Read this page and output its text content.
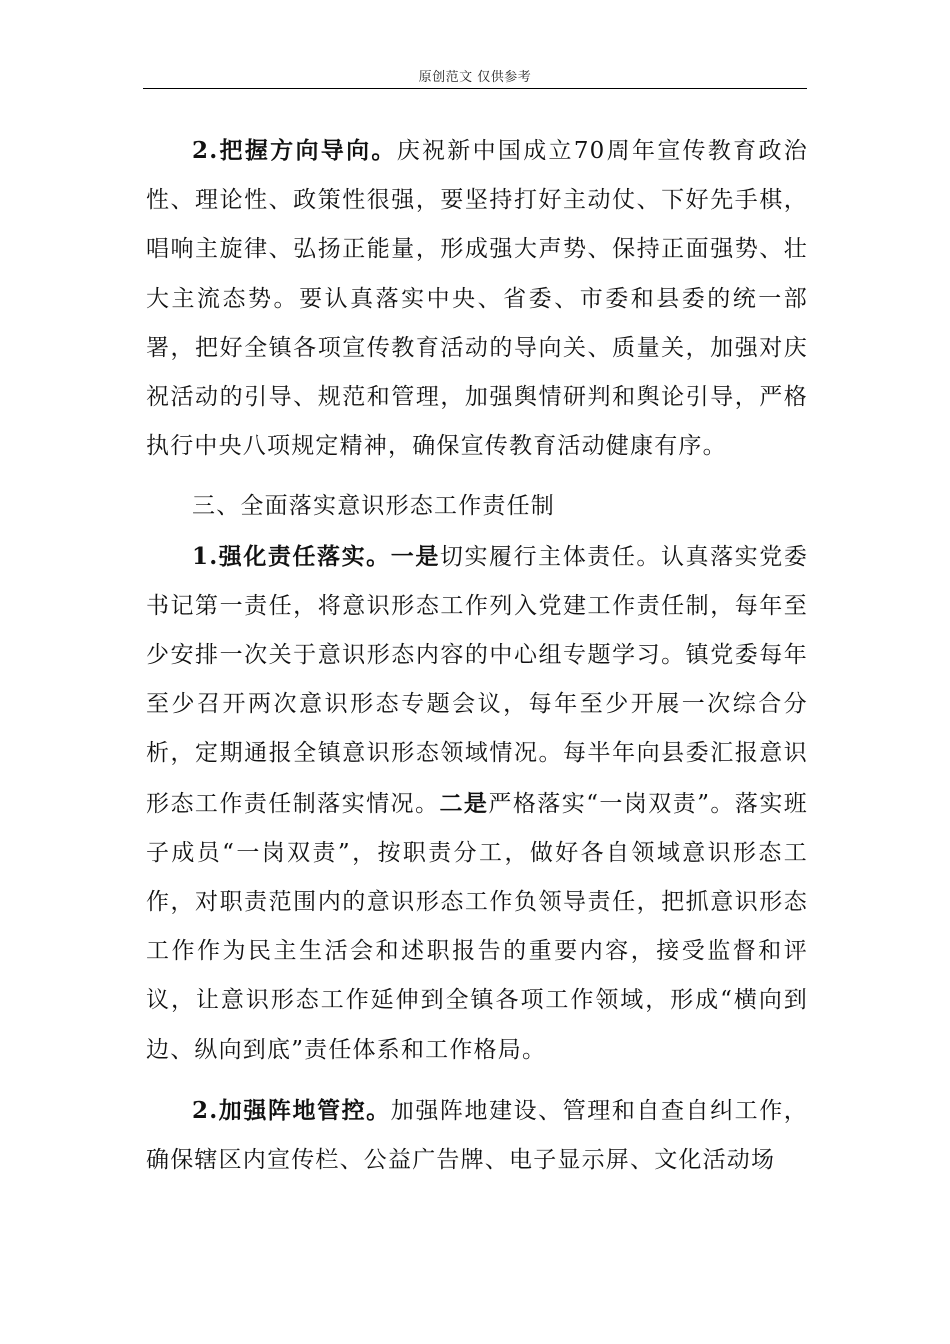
原创范文 仅供参考

2.把握方向导向。庆祝新中国成立70周年宣传教育政治性、理论性、政策性很强，要坚持打好主动仗、下好先手棋，唱响主旋律、弘扬正能量，形成强大声势、保持正面强势、壮大主流态势。要认真落实中央、省委、市委和县委的统一部署，把好全镇各项宣传教育活动的导向关、质量关，加强对庆祝活动的引导、规范和管理，加强舆情研判和舆论引导，严格执行中央八项规定精神，确保宣传教育活动健康有序。

三、全面落实意识形态工作责任制

1.强化责任落实。一是切实履行主体责任。认真落实党委书记第一责任，将意识形态工作列入党建工作责任制，每年至少安排一次关于意识形态内容的中心组专题学习。镇党委每年至少召开两次意识形态专题会议，每年至少开展一次综合分析，定期通报全镇意识形态领域情况。每半年向县委汇报意识形态工作责任制落实情况。二是严格落实“一岗双责”。落实班子成员“一岗双责”，按职责分工，做好各自领域意识形态工作，对职责范围内的意识形态工作负领导责任，把抓意识形态工作作为民主生活会和述职报告的重要内容，接受监督和评议，让意识形态工作延伸到全镇各项工作领域，形成“横向到边、纵向到底”责任体系和工作格局。

2.加强阵地管控。加强阵地建设、管理和自查自纠工作，确保辖区内宣传栏、公益广告牌、电子显示屏、文化活动场
